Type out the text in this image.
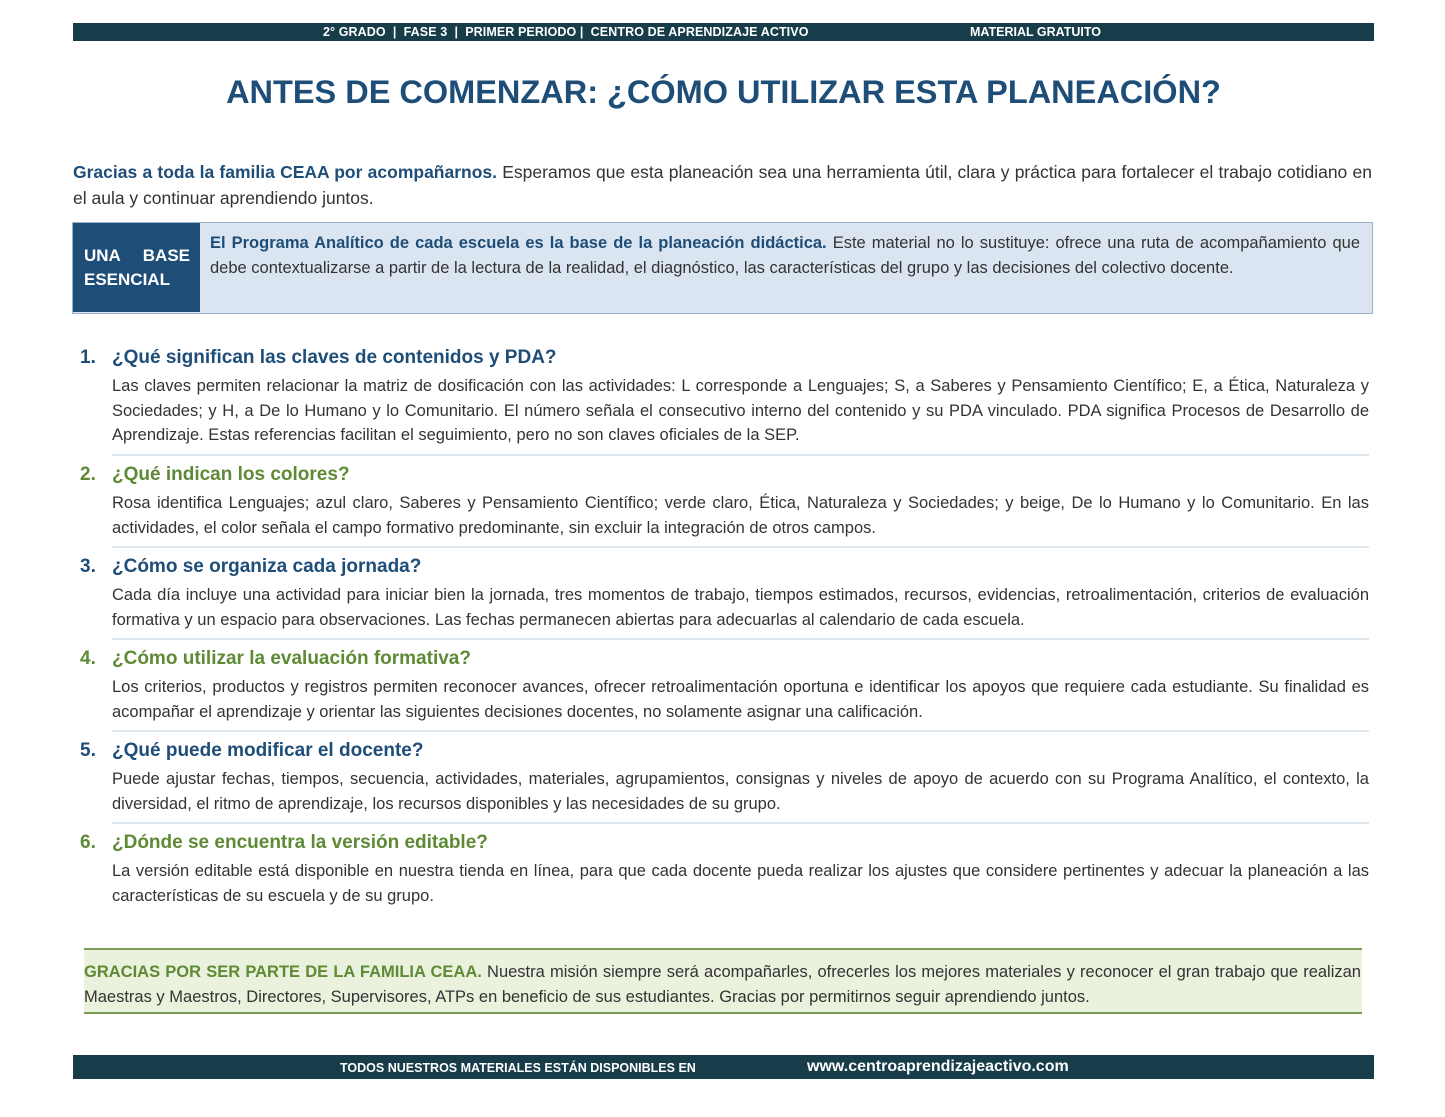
2° GRADO  |  FASE 3  |  PRIMER PERIODO |  CENTRO DE APRENDIZAJE ACTIVO	MATERIAL GRATUITO
ANTES DE COMENZAR: ¿CÓMO UTILIZAR ESTA PLANEACIÓN?

Gracias a toda la familia CEAA por acompañarnos. Esperamos que esta planeación sea una herramienta útil, clara y práctica para fortalecer el trabajo cotidiano en el aula y continuar aprendiendo juntos.

UNA BASE ESENCIAL
El Programa Analítico de cada escuela es la base de la planeación didáctica. Este material no lo sustituye: ofrece una ruta de acompañamiento que debe contextualizarse a partir de la lectura de la realidad, el diagnóstico, las características del grupo y las decisiones del colectivo docente.
1. ¿Qué significan las claves de contenidos y PDA?
Las claves permiten relacionar la matriz de dosificación con las actividades: L corresponde a Lenguajes; S, a Saberes y Pensamiento Científico; E, a Ética, Naturaleza y Sociedades; y H, a De lo Humano y lo Comunitario. El número señala el consecutivo interno del contenido y su PDA vinculado. PDA significa Procesos de Desarrollo de Aprendizaje. Estas referencias facilitan el seguimiento, pero no son claves oficiales de la SEP.
2. ¿Qué indican los colores?
Rosa identifica Lenguajes; azul claro, Saberes y Pensamiento Científico; verde claro, Ética, Naturaleza y Sociedades; y beige, De lo Humano y lo Comunitario. En las actividades, el color señala el campo formativo predominante, sin excluir la integración de otros campos.
3. ¿Cómo se organiza cada jornada?
Cada día incluye una actividad para iniciar bien la jornada, tres momentos de trabajo, tiempos estimados, recursos, evidencias, retroalimentación, criterios de evaluación formativa y un espacio para observaciones. Las fechas permanecen abiertas para adecuarlas al calendario de cada escuela.
4. ¿Cómo utilizar la evaluación formativa?
Los criterios, productos y registros permiten reconocer avances, ofrecer retroalimentación oportuna e identificar los apoyos que requiere cada estudiante. Su finalidad es acompañar el aprendizaje y orientar las siguientes decisiones docentes, no solamente asignar una calificación.
5. ¿Qué puede modificar el docente?
Puede ajustar fechas, tiempos, secuencia, actividades, materiales, agrupamientos, consignas y niveles de apoyo de acuerdo con su Programa Analítico, el contexto, la diversidad, el ritmo de aprendizaje, los recursos disponibles y las necesidades de su grupo.
6. ¿Dónde se encuentra la versión editable?
La versión editable está disponible en nuestra tienda en línea, para que cada docente pueda realizar los ajustes que considere pertinentes y adecuar la planeación a las características de su escuela y de su grupo.
GRACIAS POR SER PARTE DE LA FAMILIA CEAA. Nuestra misión siempre será acompañarles, ofrecerles los mejores materiales y reconocer el gran trabajo que realizan Maestras y Maestros, Directores, Supervisores, ATPs en beneficio de sus estudiantes. Gracias por permitirnos seguir aprendiendo juntos.
TODOS NUESTROS MATERIALES ESTÁN DISPONIBLES EN	www.centroaprendizajeactivo.com
